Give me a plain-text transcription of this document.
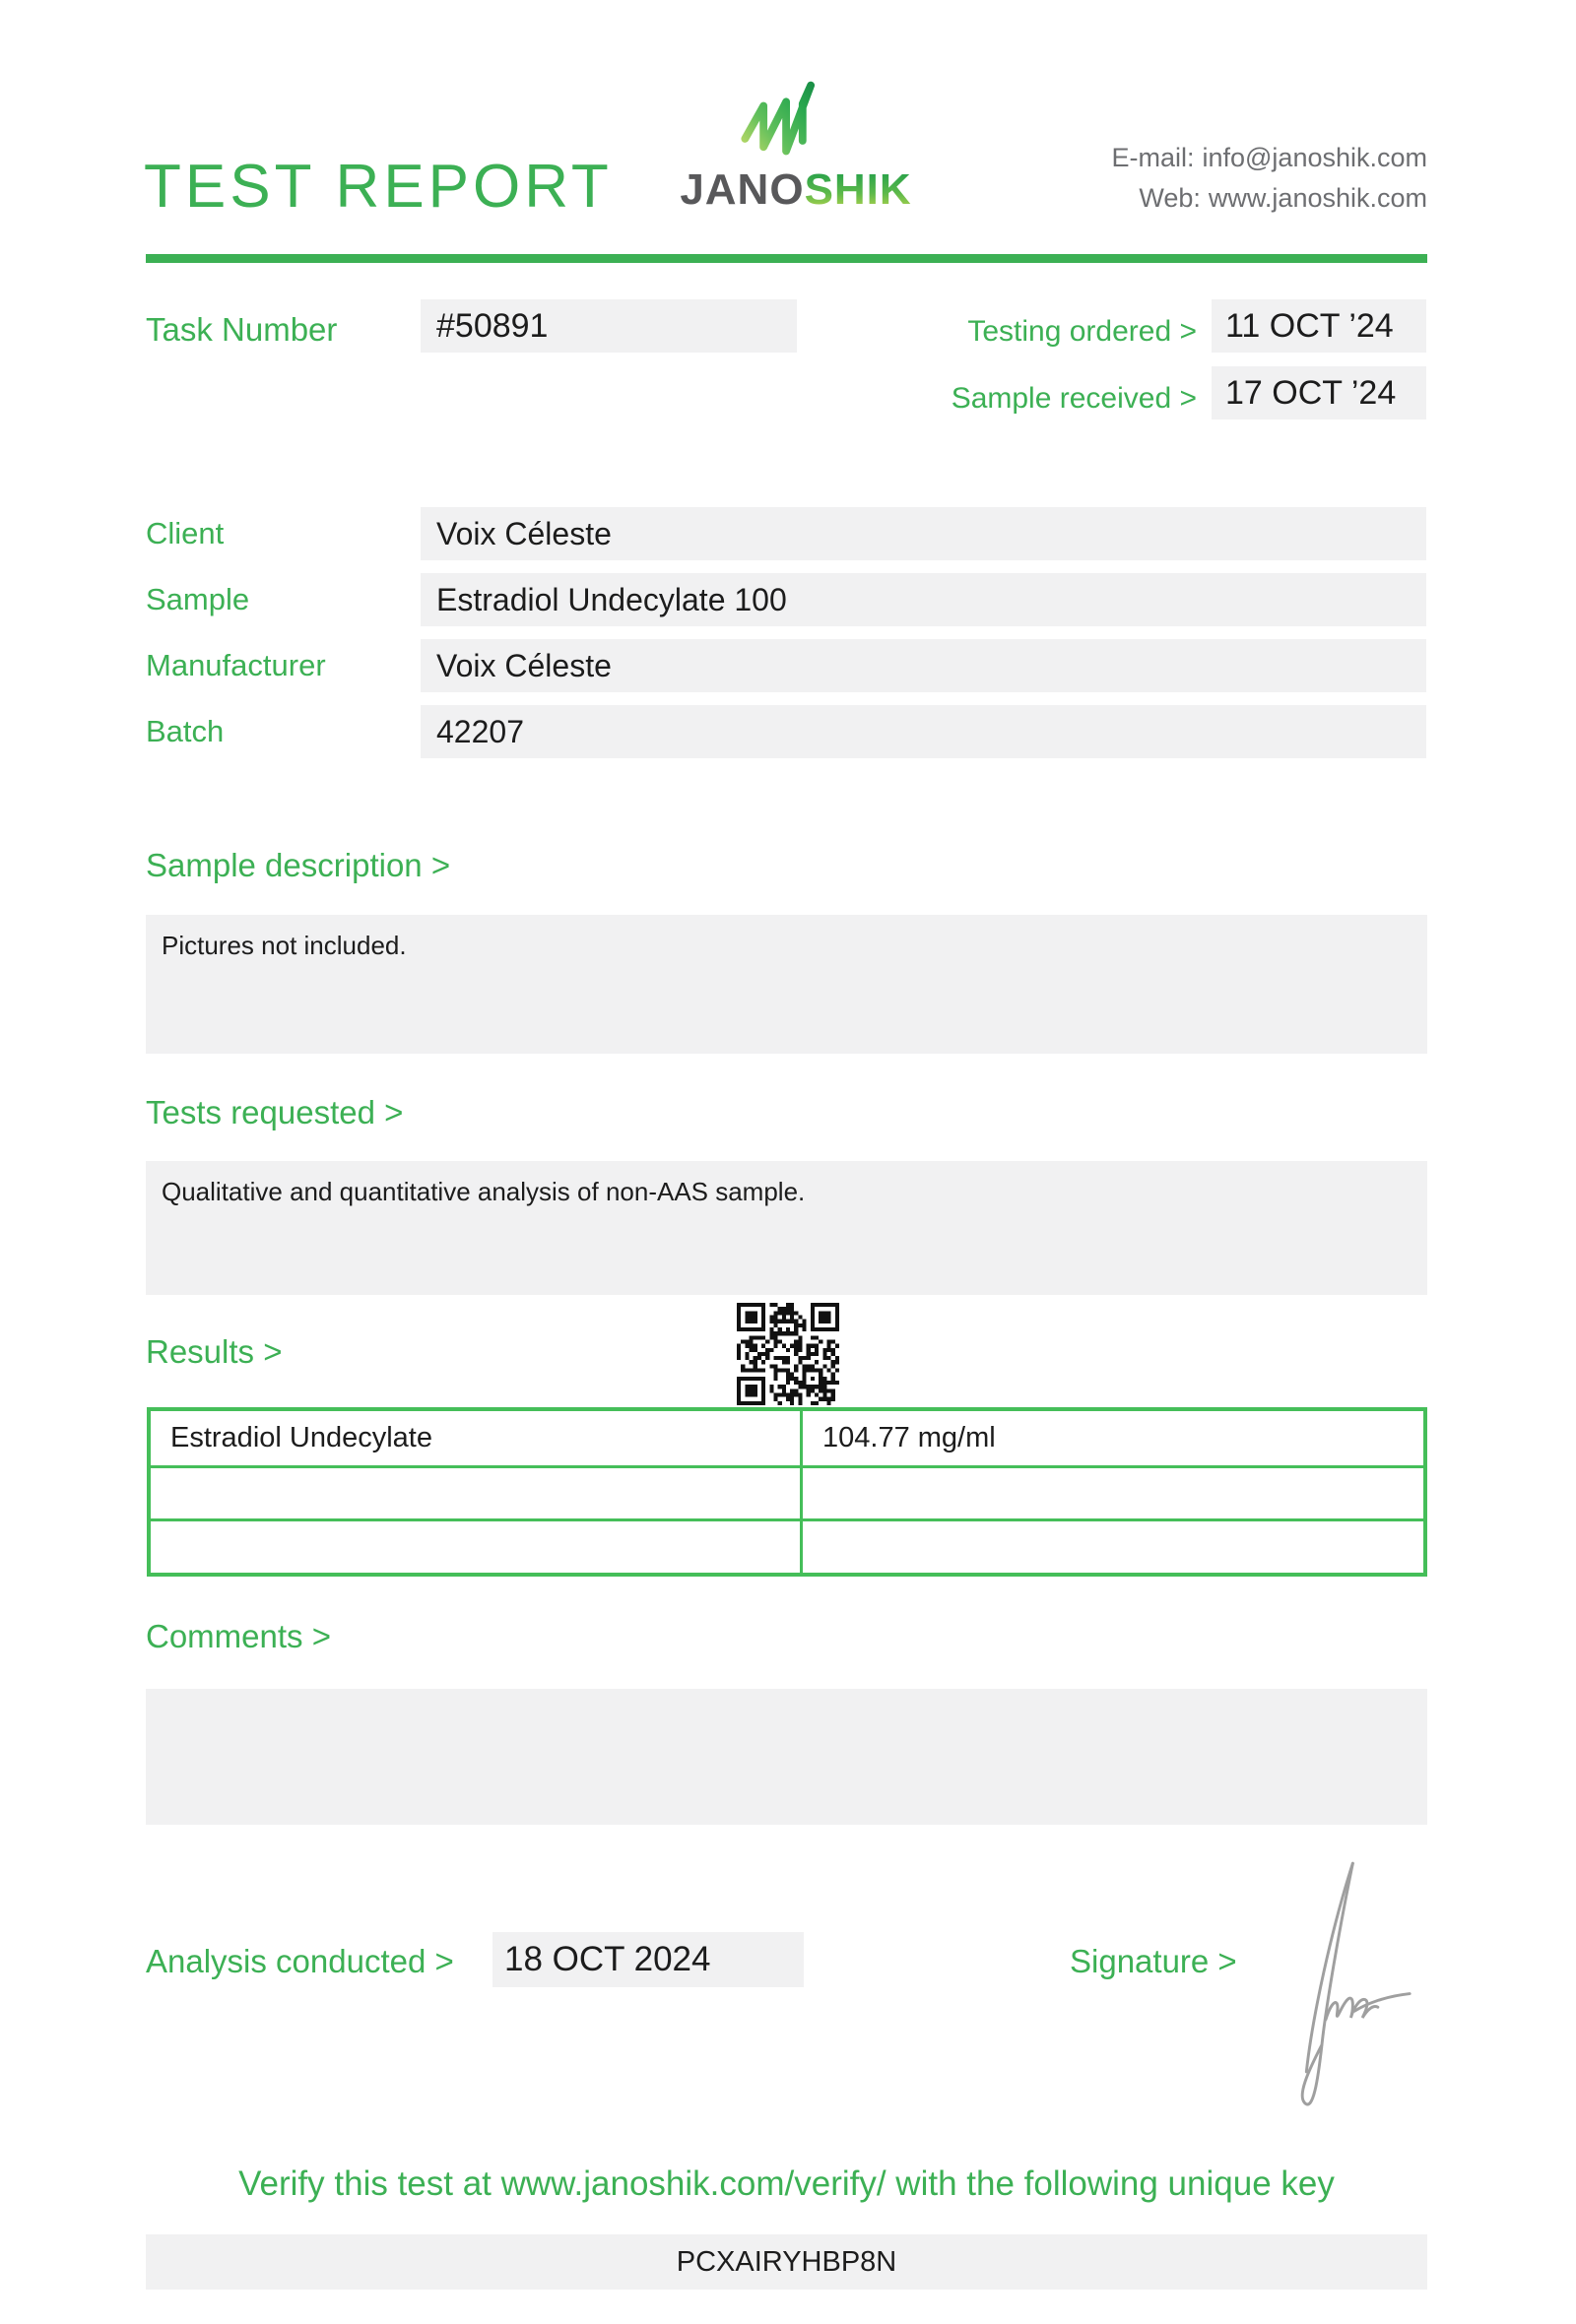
TEST REPORT JANOSHIK
E-mail: info@janoshik.com
Web: www.janoshik.com
Task Number	#50891	Testing ordered > 11 OCT ’24
Sample received > 17 OCT ’24
Client	Voix Céleste
Sample	Estradiol Undecylate 100
Manufacturer	Voix Céleste
Batch	42207
Sample description >
Pictures not included.
Tests requested >
Qualitative and quantitative analysis of non-AAS sample.
Results >
Estradiol Undecylate	104.77 mg/ml
Comments >
Analysis conducted >	18 OCT 2024	Signature >
Verify this test at www.janoshik.com/verify/ with the following unique key
PCXAIRYHBP8N
